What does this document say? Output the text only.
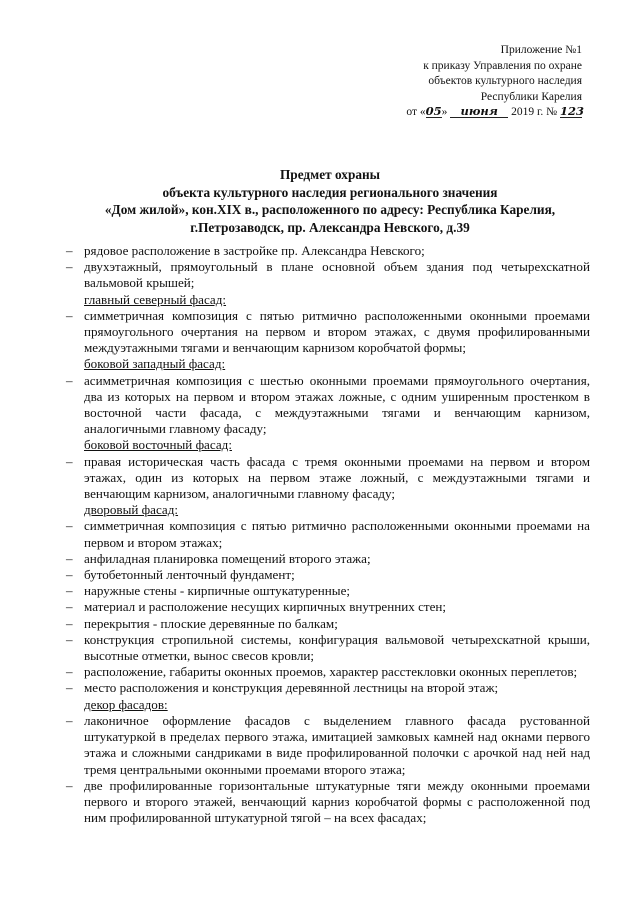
Приложение №1
к приказу Управления по охране
объектов культурного наследия
Республики Карелия
от «05» июня 2019 г. № 123
Предмет охраны
объекта культурного наследия регионального значения
«Дом жилой», кон.XIX в., расположенного по адресу: Республика Карелия,
г.Петрозаводск, пр. Александра Невского, д.39
– рядовое расположение в застройке пр. Александра Невского;
– двухэтажный, прямоугольный в плане основной объем здания под четырехскатной вальмовой крышей;
главный северный фасад:
– симметричная композиция с пятью ритмично расположенными оконными проемами прямоугольного очертания на первом и втором этажах, с двумя профилированными междуэтажными тягами и венчающим карнизом коробчатой формы;
боковой западный фасад:
– асимметричная композиция с шестью оконными проемами прямоугольного очертания, два из которых на первом и втором этажах ложные, с одним уширенным простенком в восточной части фасада, с междуэтажными тягами и венчающим карнизом, аналогичными главному фасаду;
боковой восточный фасад:
– правая историческая часть фасада с тремя оконными проемами на первом и втором этажах, один из которых на первом этаже ложный, с междуэтажными тягами и венчающим карнизом, аналогичными главному фасаду;
дворовый фасад:
– симметричная композиция с пятью ритмично расположенными оконными проемами на первом и втором этажах;
– анфиладная планировка помещений второго этажа;
– бутобетонный ленточный фундамент;
– наружные стены - кирпичные оштукатуренные;
– материал и расположение несущих кирпичных внутренних стен;
– перекрытия - плоские деревянные по балкам;
– конструкция стропильной системы, конфигурация вальмовой четырехскатной крыши, высотные отметки, вынос свесов кровли;
– расположение, габариты оконных проемов, характер расстекловки оконных переплетов;
– место расположения и конструкция деревянной лестницы на второй этаж;
декор фасадов:
– лаконичное оформление фасадов с выделением главного фасада рустованной штукатуркой в пределах первого этажа, имитацией замковых камней над окнами первого этажа и сложными сандриками в виде профилированной полочки с арочкой над ней над тремя центральными оконными проемами второго этажа;
– две профилированные горизонтальные штукатурные тяги между оконными проемами первого и второго этажей, венчающий карниз коробчатой формы с расположенной под ним профилированной штукатурной тягой – на всех фасадах;
